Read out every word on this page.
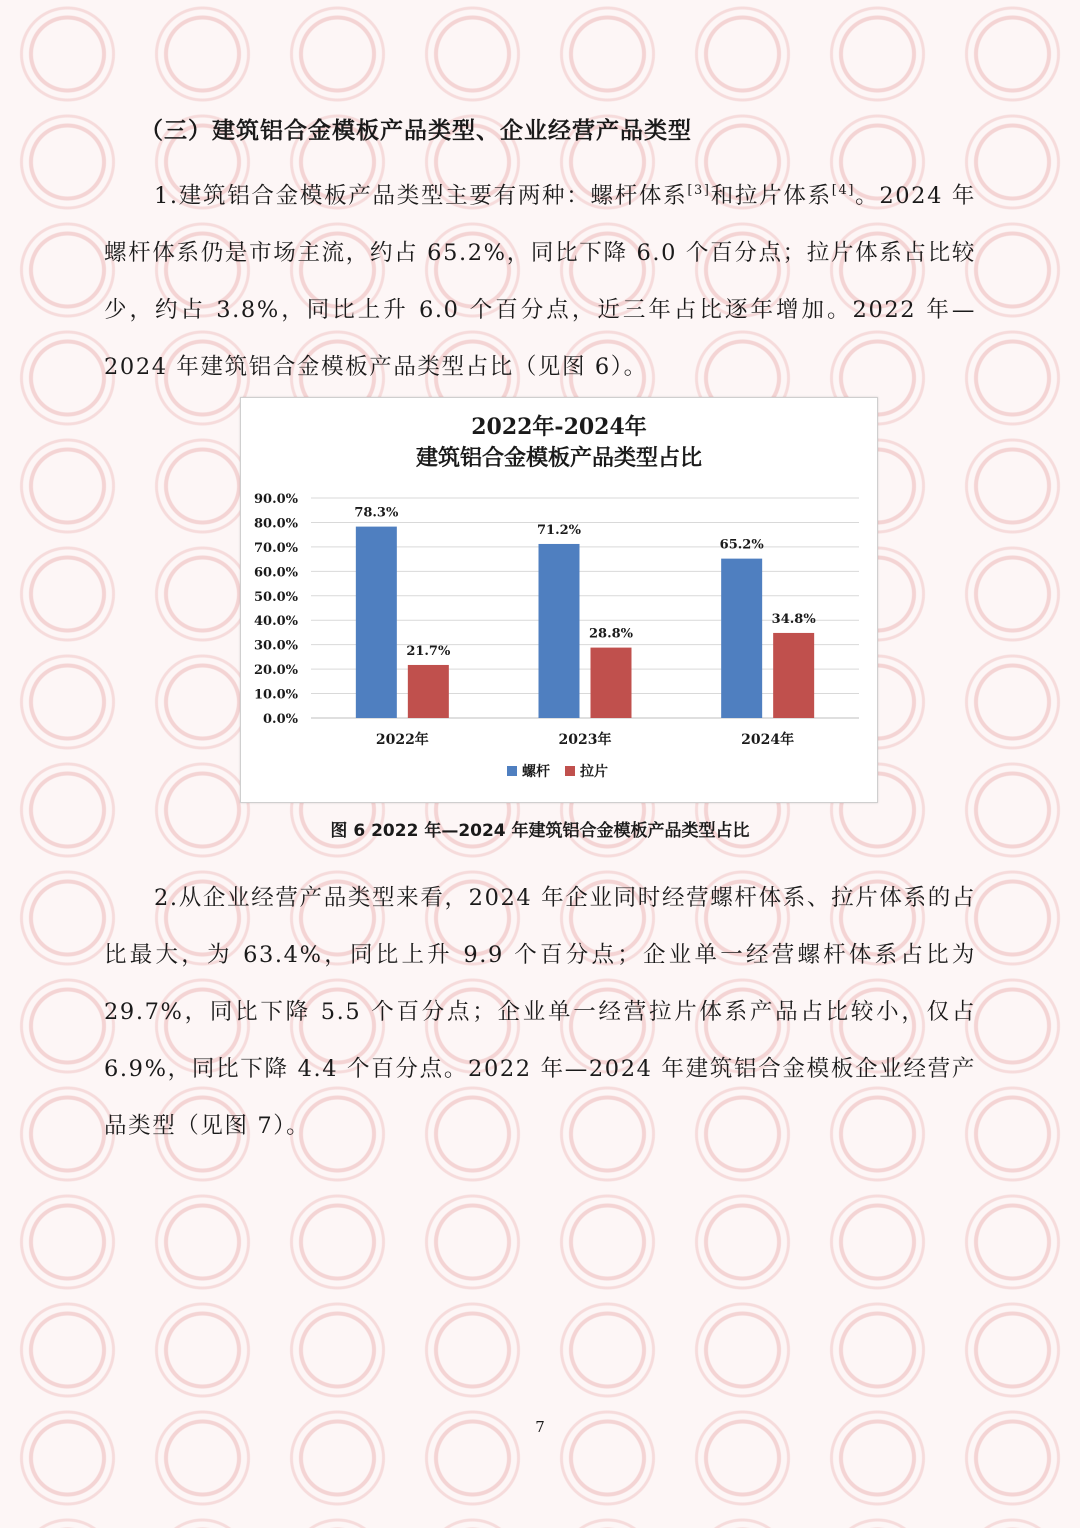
（三）建筑铝合金模板产品类型、企业经营产品类型

1.建筑铝合金模板产品类型主要有两种：螺杆体系[3]和拉片体系[4]。2024 年螺杆体系仍是市场主流，约占 65.2%，同比下降 6.0 个百分点；拉片体系占比较少，约占 3.8%，同比上升 6.0 个百分点，近三年占比逐年增加。2022 年—2024 年建筑铝合金模板产品类型占比（见图 6）。

2022年-2024年
建筑铝合金模板产品类型占比
0.0%
10.0%
20.0%
30.0%
40.0%
50.0%
60.0%
70.0%
80.0%
90.0%
78.3%
21.7%
2022年
71.2%
28.8%
2023年
65.2%
34.8%
2024年
螺杆 拉片
图 6 2022 年—2024 年建筑铝合金模板产品类型占比

2.从企业经营产品类型来看，2024 年企业同时经营螺杆体系、拉片体系的占比最大，为 63.4%，同比上升 9.9 个百分点；企业单一经营螺杆体系占比为 29.7%，同比下降 5.5 个百分点；企业单一经营拉片体系产品占比较小，仅占 6.9%，同比下降 4.4 个百分点。2022 年—2024 年建筑铝合金模板企业经营产品类型（见图 7）。

7
